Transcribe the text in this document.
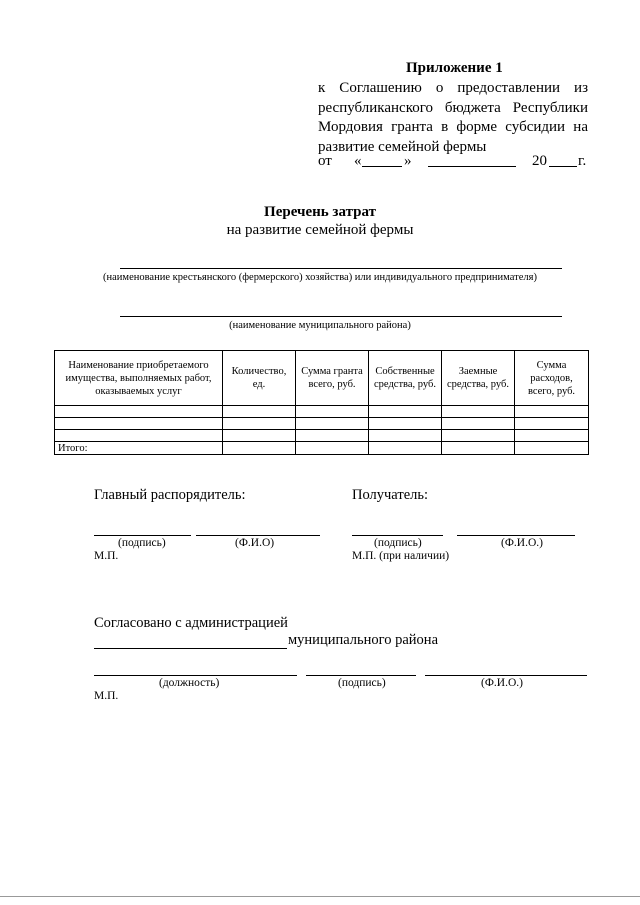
Приложение 1
к Соглашению о предоставлении из
республиканского бюджета Республики
Мордовия гранта в форме субсидии на
развитие семейной фермы
от «	»	20 г.
Перечень затрат
на развитие семейной фермы
(наименование крестьянского (фермерского) хозяйства) или индивидуального предпринимателя)
(наименование муниципального района)
Наименование приобретаемого имущества, выполняемых работ, оказываемых услуг	Количество, ед.	Сумма гранта всего, руб.	Собственные средства, руб.	Заемные средства, руб.	Сумма расходов, всего, руб.

Итого:					
Главный распорядитель:
(подпись)	(Ф.И.О)
М.П.
Получатель:
(подпись)	(Ф.И.О.)
М.П. (при наличии)
Согласовано с администрацией
муниципального района
(должность)	(подпись)	(Ф.И.О.)
М.П.
